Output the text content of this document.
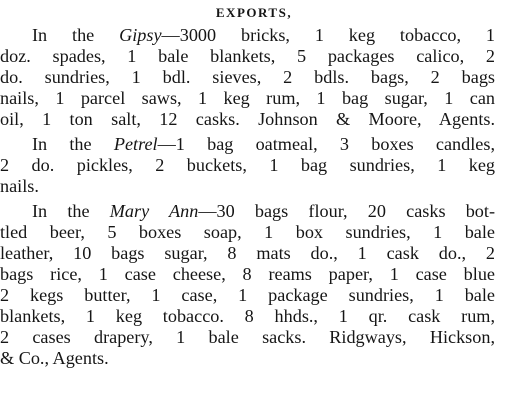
EXPORTS,
In the Gipsy—3000 bricks, 1 keg tobacco, 1
doz. spades, 1 bale blankets, 5 packages calico, 2
do. sundries, 1 bdl. sieves, 2 bdls. bags, 2 bags
nails, 1 parcel saws, 1 keg rum, 1 bag sugar, 1 can
oil, 1 ton salt, 12 casks. Johnson & Moore, Agents.
In the Petrel—1 bag oatmeal, 3 boxes candles,
2 do. pickles, 2 buckets, 1 bag sundries, 1 keg
nails.
In the Mary Ann—30 bags flour, 20 casks bot-
tled beer, 5 boxes soap, 1 box sundries, 1 bale
leather, 10 bags sugar, 8 mats do., 1 cask do., 2
bags rice, 1 case cheese, 8 reams paper, 1 case blue
2 kegs butter, 1 case, 1 package sundries, 1 bale
blankets, 1 keg tobacco. 8 hhds., 1 qr. cask rum,
2 cases drapery, 1 bale sacks. Ridgways, Hickson,
& Co., Agents.
